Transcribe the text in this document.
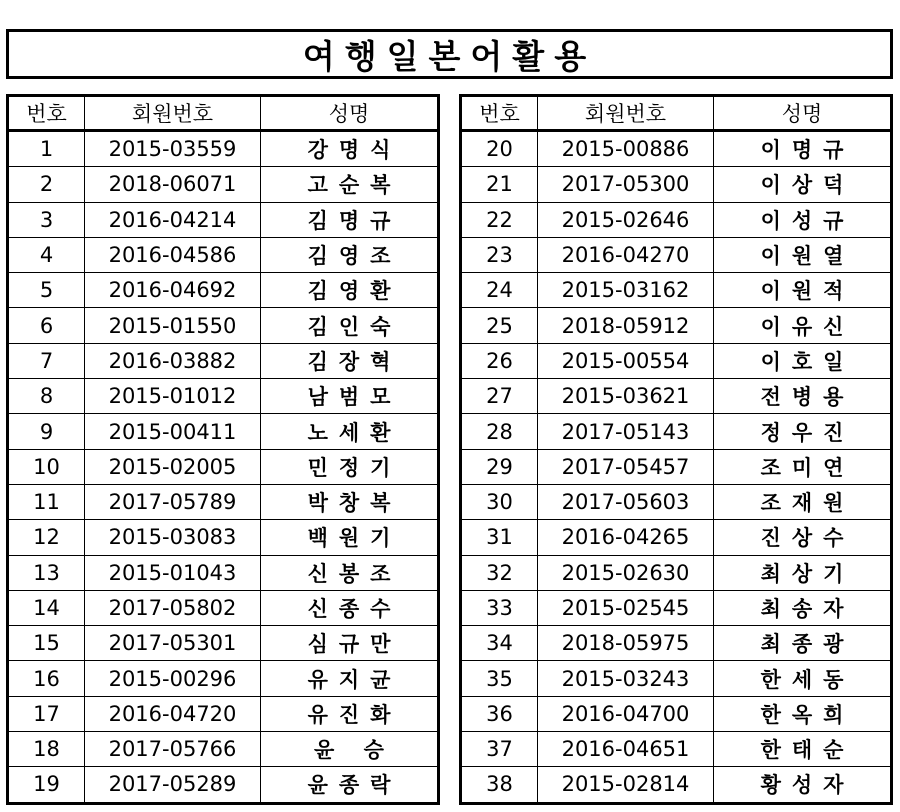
여행일본어활용
번호	회원번호	성명
1	2015-03559	강명식
2	2018-06071	고순복
3	2016-04214	김명규
4	2016-04586	김영조
5	2016-04692	김영환
6	2015-01550	김인숙
7	2016-03882	김장혁
8	2015-01012	남범모
9	2015-00411	노세환
10	2015-02005	민정기
11	2017-05789	박창복
12	2015-03083	백원기
13	2015-01043	신봉조
14	2017-05802	신종수
15	2017-05301	심규만
16	2015-00296	유지균
17	2016-04720	유진화
18	2017-05766	윤 승
19	2017-05289	윤종락
번호	회원번호	성명
20	2015-00886	이명규
21	2017-05300	이상덕
22	2015-02646	이성규
23	2016-04270	이원열
24	2015-03162	이원적
25	2018-05912	이유신
26	2015-00554	이호일
27	2015-03621	전병용
28	2017-05143	정우진
29	2017-05457	조미연
30	2017-05603	조재원
31	2016-04265	진상수
32	2015-02630	최상기
33	2015-02545	최송자
34	2018-05975	최종광
35	2015-03243	한세동
36	2016-04700	한옥희
37	2016-04651	한태순
38	2015-02814	황성자
